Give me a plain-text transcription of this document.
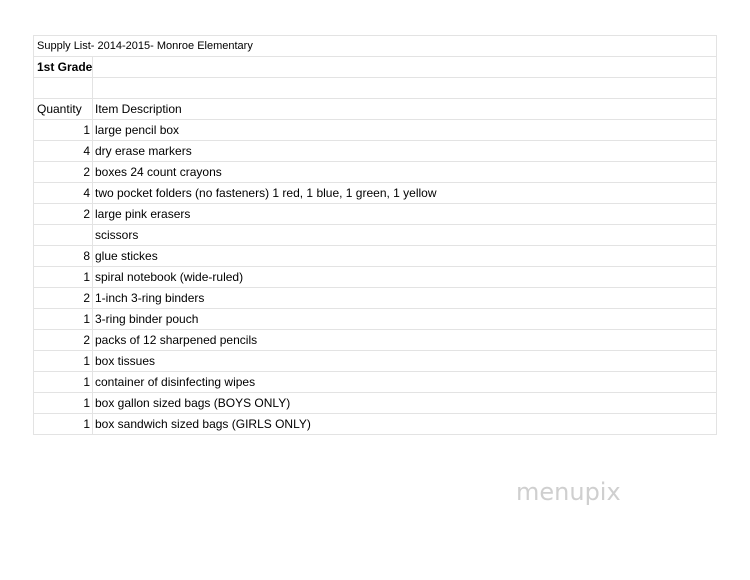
Supply List- 2014-2015- Monroe Elementary
1st Grade
Quantity	Item Description
1 large pencil box
4 dry erase markers
2 boxes 24 count crayons
4 two pocket folders (no fasteners) 1 red, 1 blue, 1 green, 1 yellow
2 large pink erasers
scissors
8 glue stickes
1 spiral notebook (wide-ruled)
2 1-inch 3-ring binders
1 3-ring binder pouch
2 packs of 12 sharpened pencils
1 box tissues
1 container of disinfecting wipes
1 box gallon sized bags (BOYS ONLY)
1 box sandwich sized bags (GIRLS ONLY)
menupix
